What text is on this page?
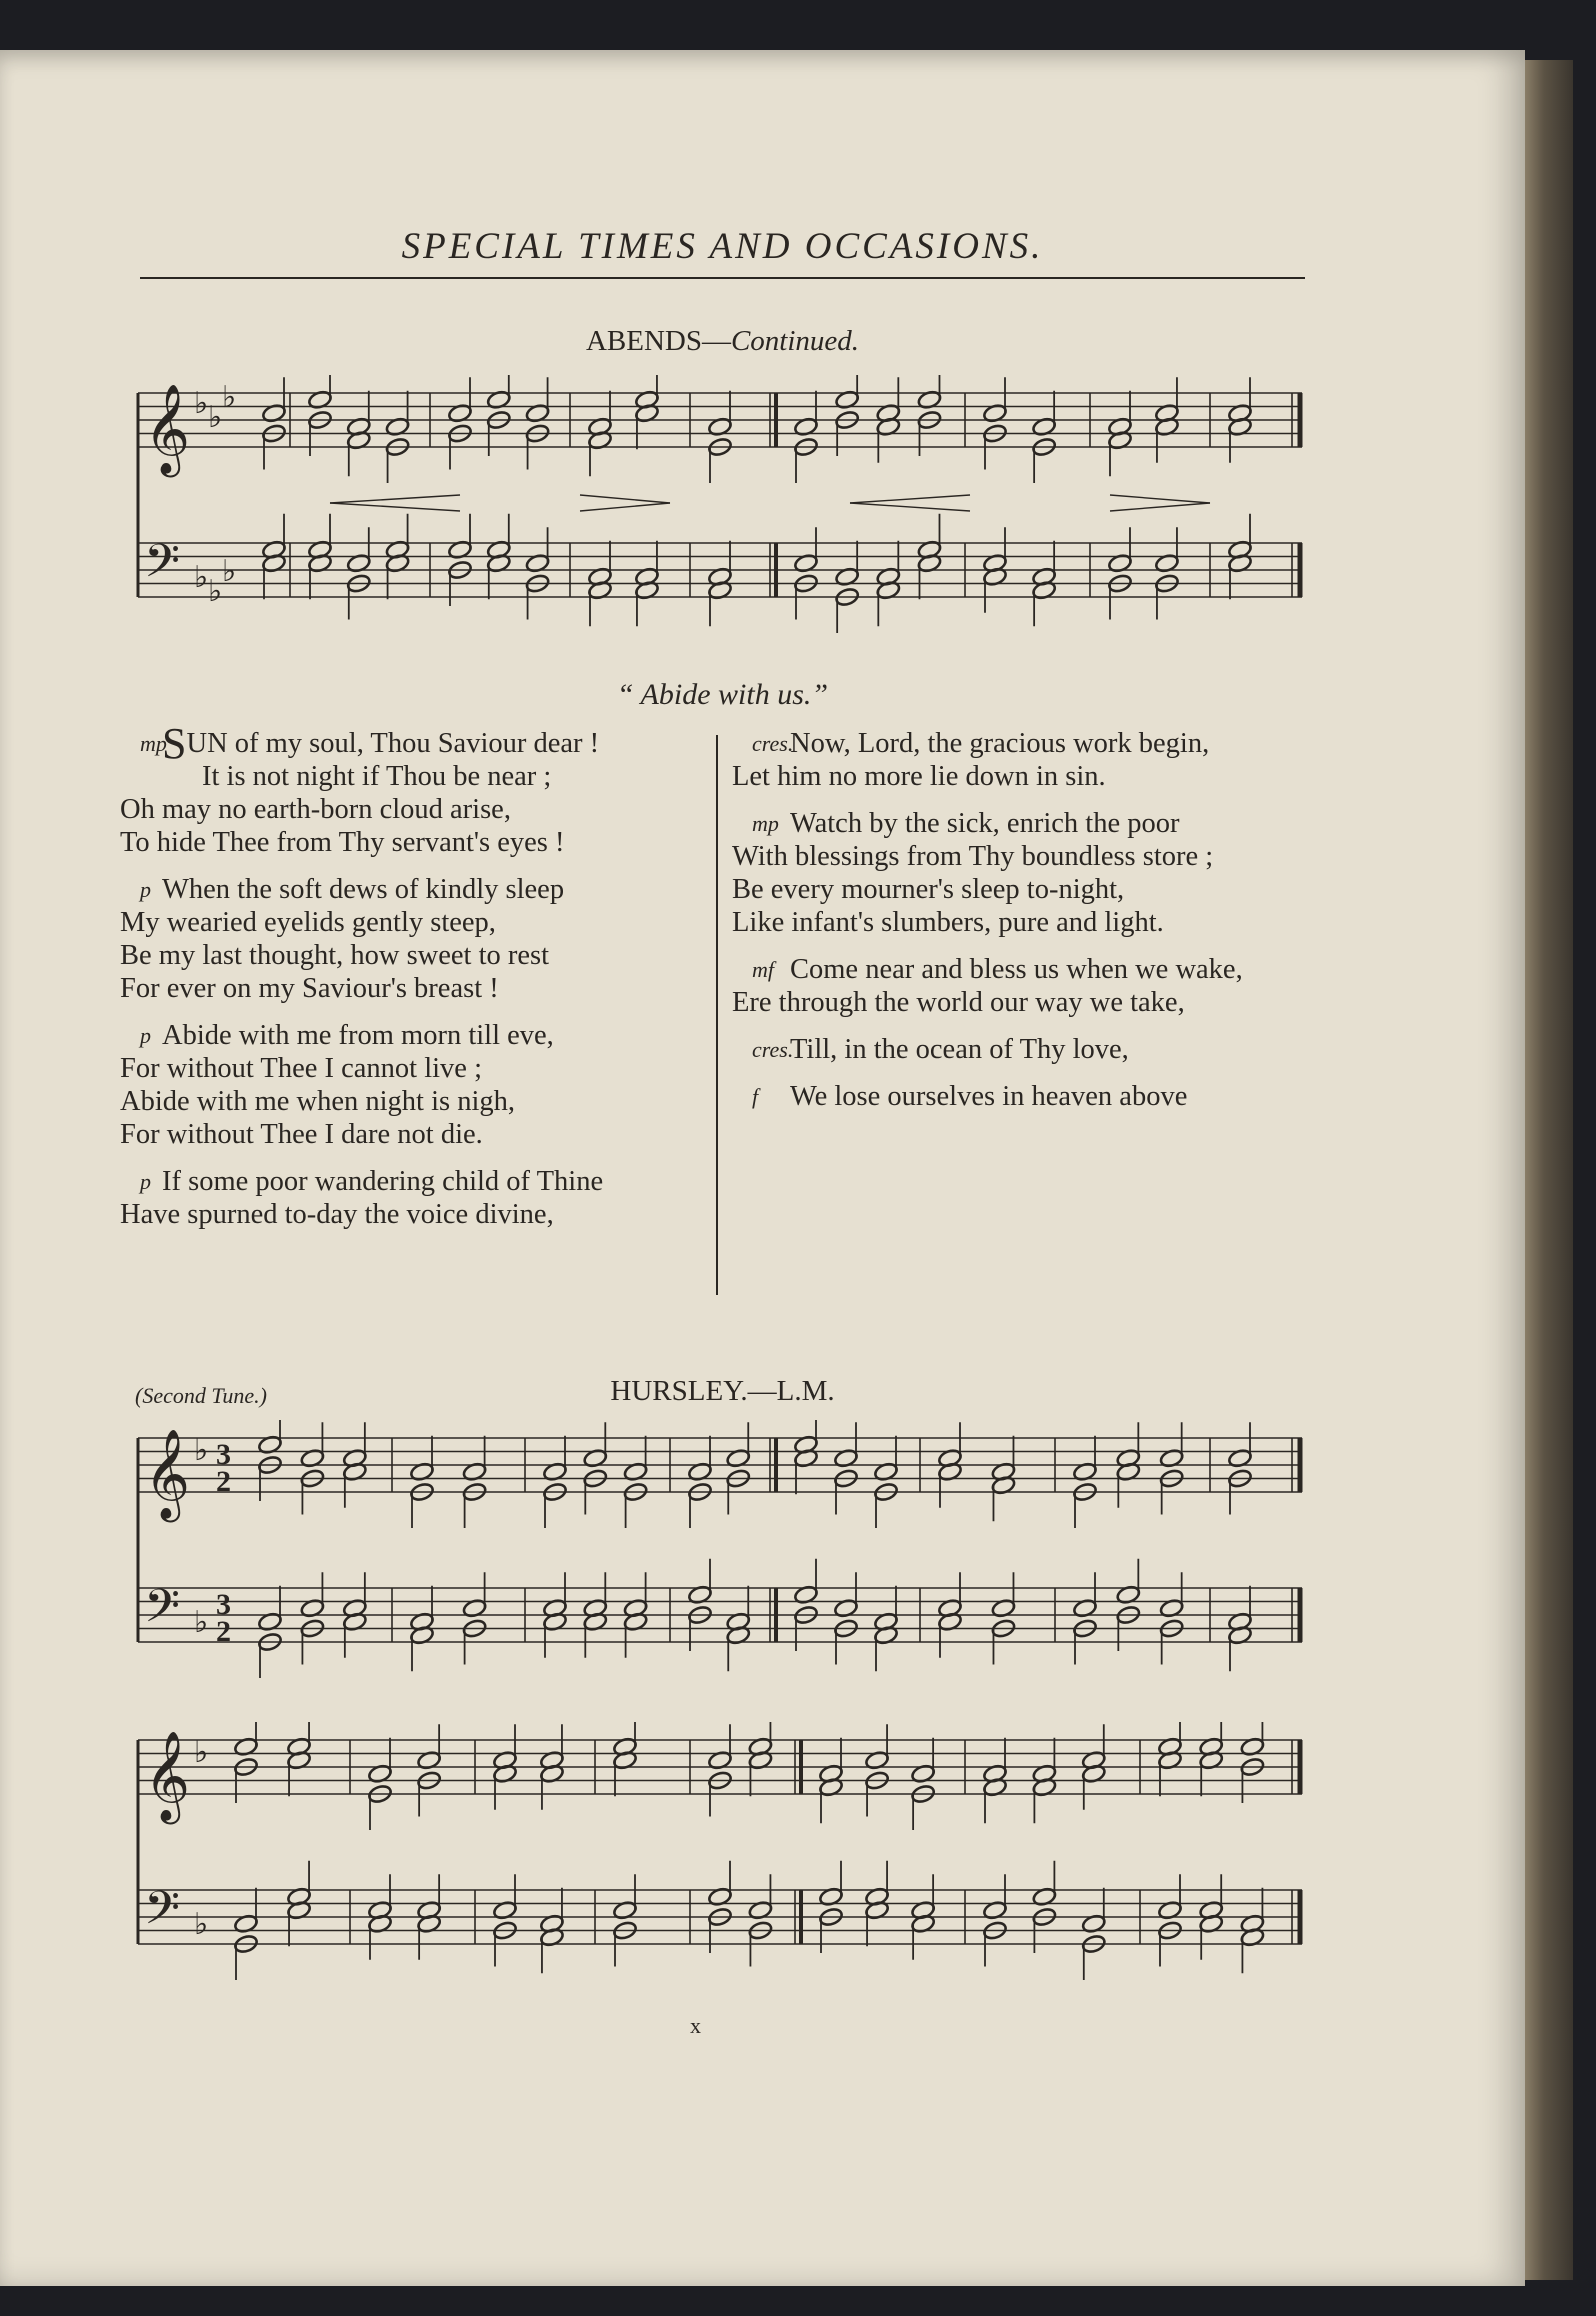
SPECIAL TIMES AND OCCASIONS.
ABENDS—Continued.
𝄞
𝄢
♭ ♭
♭
♭ ♭
♭
“ Abide with us.”
mp
SUN of my soul, Thou Saviour dear !
It is not night if Thou be near ;
Oh may no earth-born cloud arise,
To hide Thee from Thy servant's eyes !
p When the soft dews of kindly sleep
My wearied eyelids gently steep,
Be my last thought, how sweet to rest
For ever on my Saviour's breast !
p Abide with me from morn till eve,
For without Thee I cannot live ;
Abide with me when night is nigh,
For without Thee I dare not die.
p If some poor wandering child of Thine
Have spurned to-day the voice divine,
cres.
Now, Lord, the gracious work begin,
Let him no more lie down in sin.
mp Watch by the sick, enrich the poor
With blessings from Thy boundless store ;
Be every mourner's sleep to-night,
Like infant's slumbers, pure and light.
mf Come near and bless us when we wake,
Ere through the world our way we take,
cres.
Till, in the ocean of Thy love,
f	We lose ourselves in heaven above
(Second Tune.)	HURSLEY.—L.M.
𝄞
𝄢
♭
♭
3
2
3
2
𝄞
𝄢
♭
♭
x
